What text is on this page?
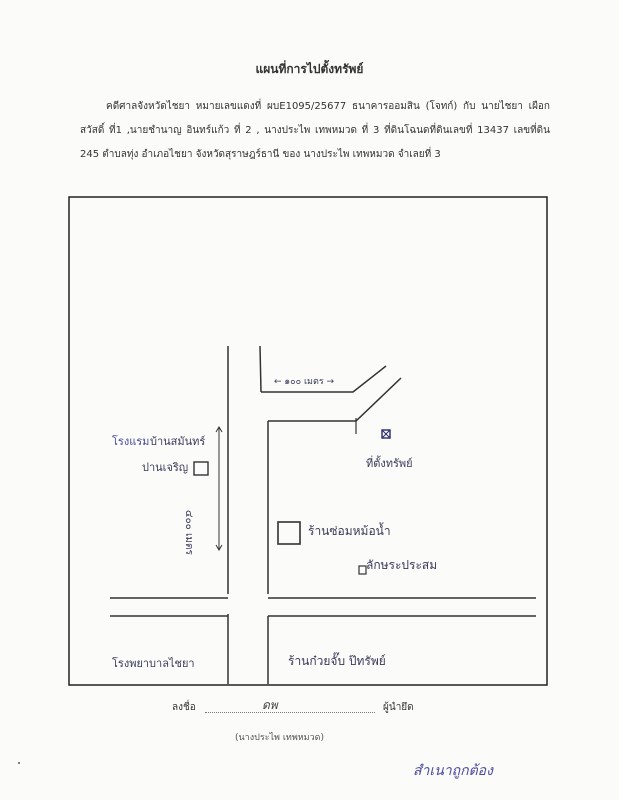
แผนที่การไปตั้งทรัพย์
คดีศาลจังหวัดไชยา หมายเลขแดงที่ ผบE1095/25677 ธนาคารออมสิน (โจทก์) กับ นายไชยา เผือกสวัสดิ์ ที่1 ,นายชำนาญ อินทร์แก้ว ที่ 2 , นางประไพ เทพหมวด ที่ 3 ที่ดินโฉนดที่ดินเลขที่ 13437 เลขที่ดิน 245 ตำบลทุ่ง อำเภอไชยา จังหวัดสุราษฎร์ธานี ของ นางประไพ เทพหมวด จำเลยที่ 3
← ๑๐๐ เมตร →
โรงแรม บ้านสมันทร์
ปานเจริญ
๔๐๐ เมตร
ที่ตั้งทรัพย์
ร้านซ่อมหม้อน้ำ
ลักษระประสม
โรงพยาบาลไชยา	ร้านก๋วยจั๊บ ป๊ทรัพย์
ลงชื่อ	ดพ	ผู้นำยึด
(นางประไพ เทพหมวด)
สำเนาถูกต้อง
